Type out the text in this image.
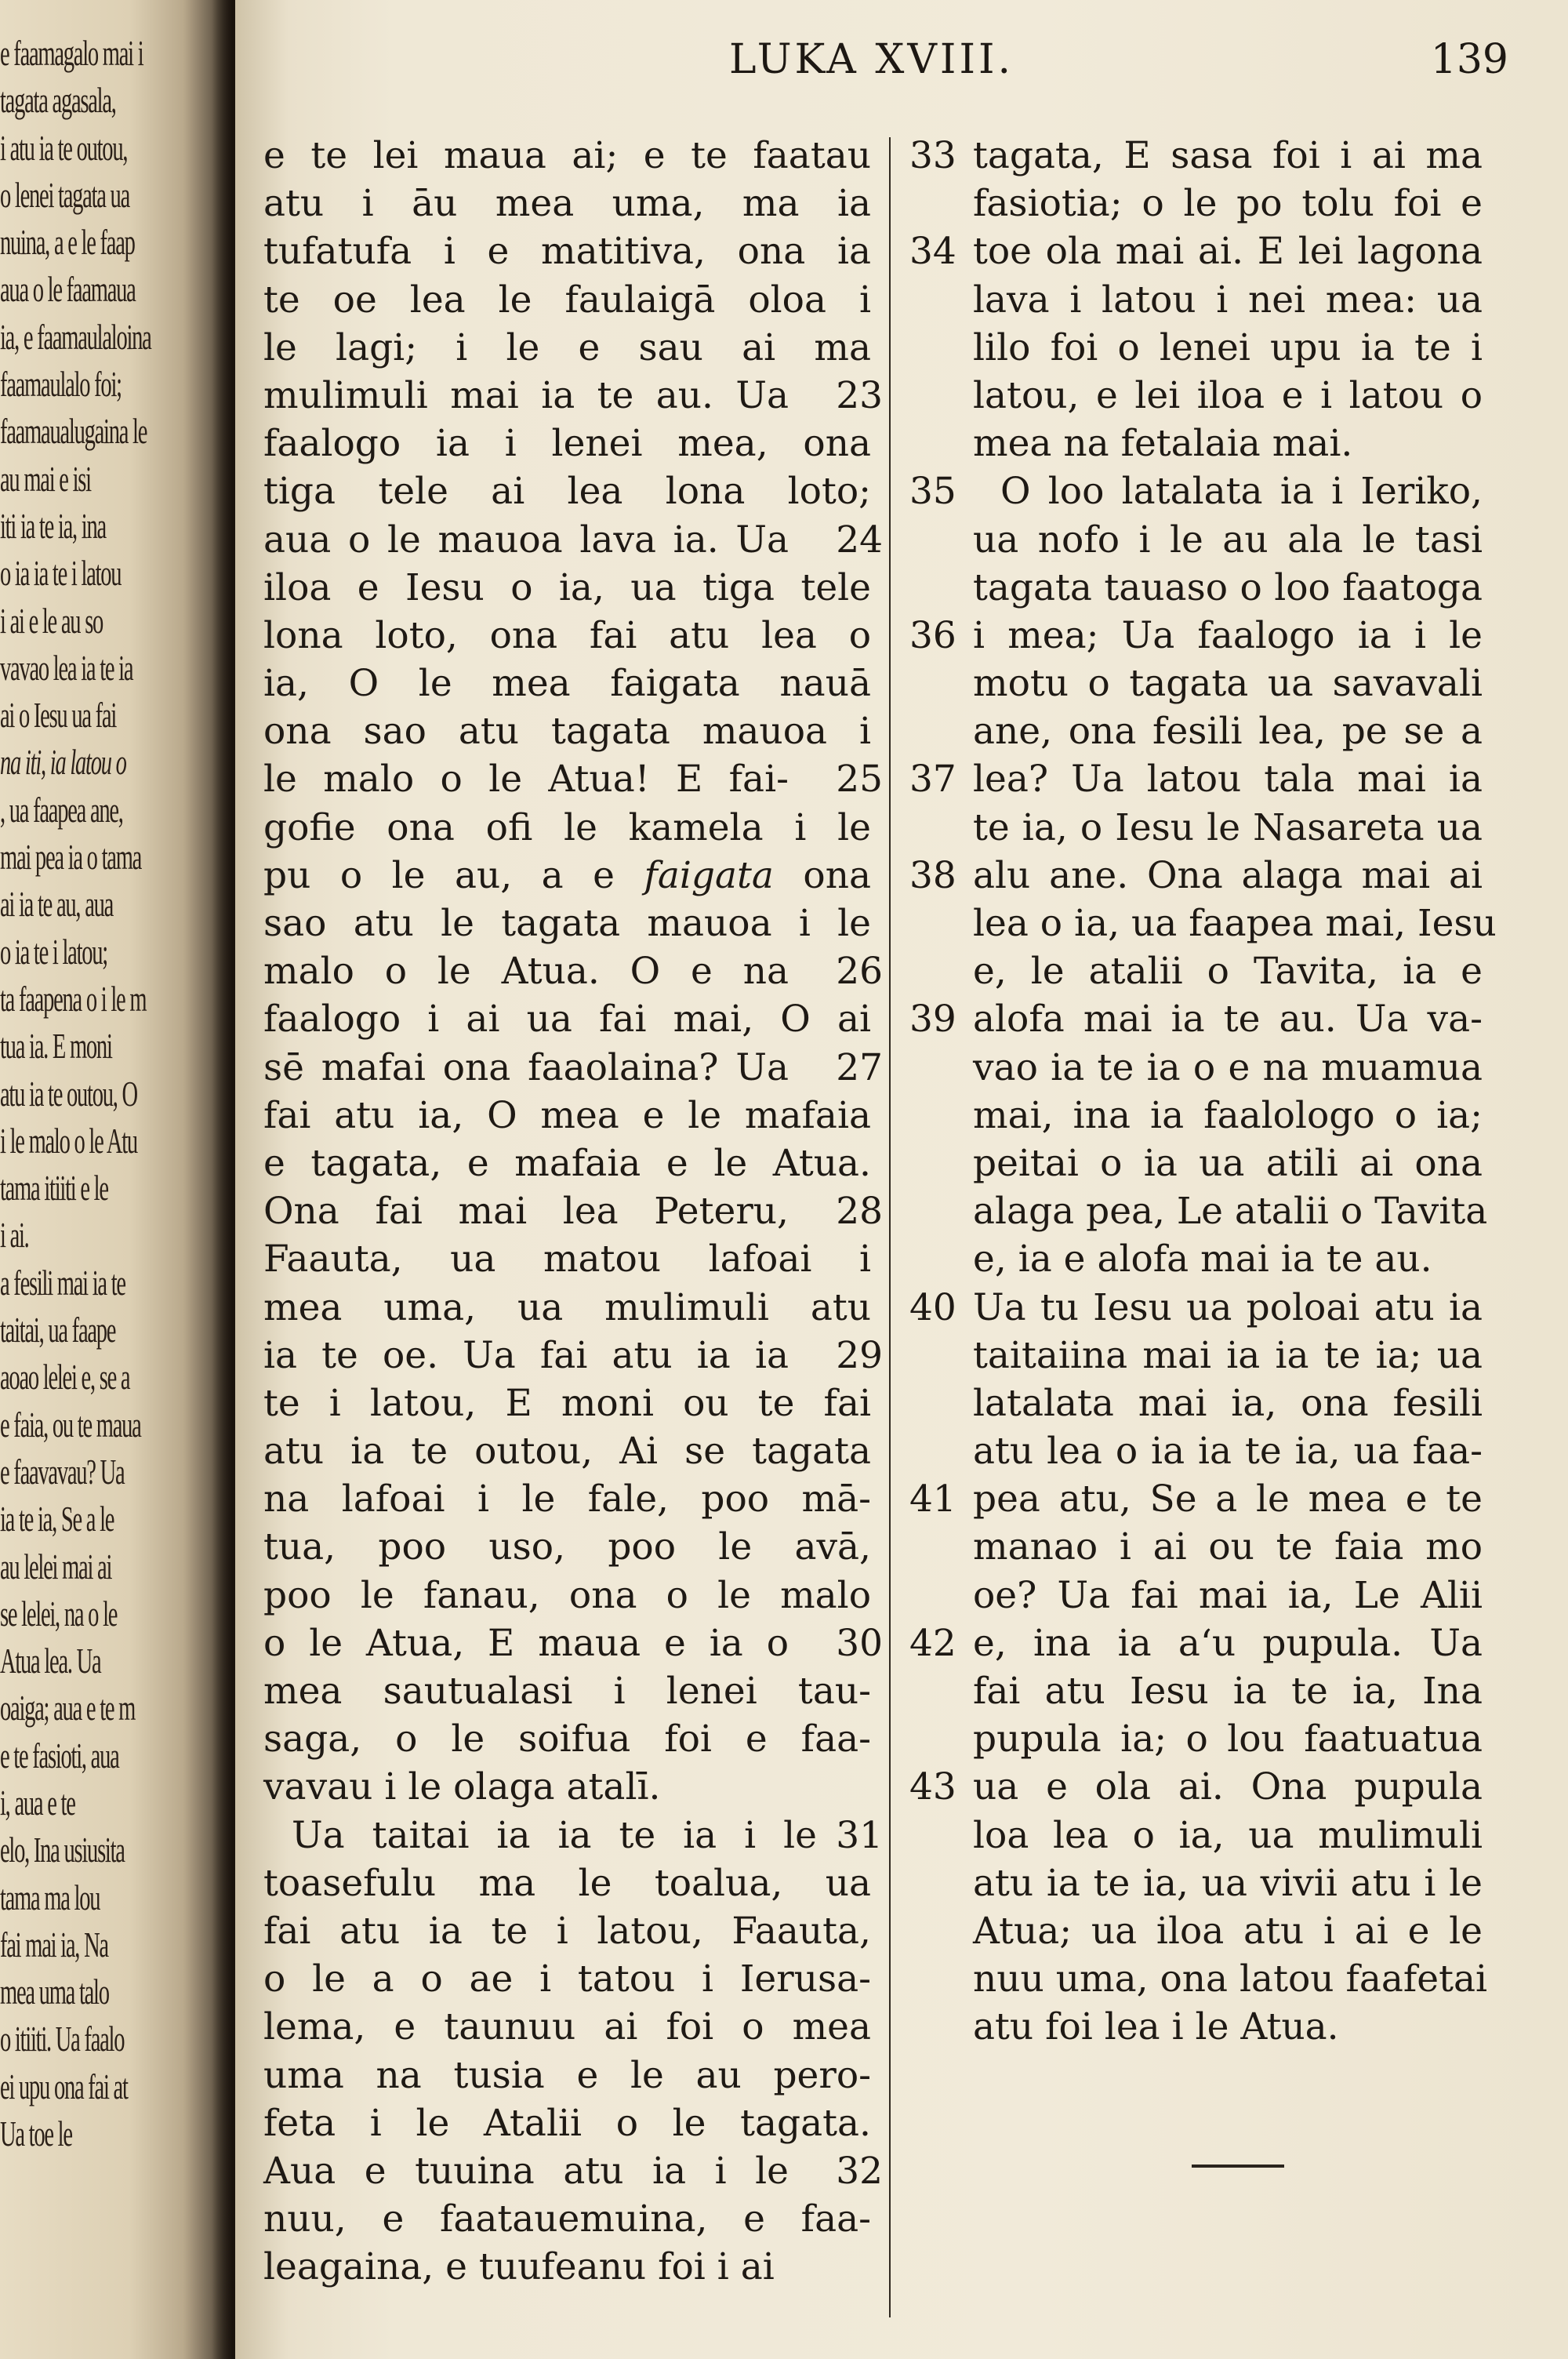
e faamagalo mai i
tagata agasala,
i atu ia te outou,
o lenei tagata ua
nuina, a e le faap
aua o le faamaua
ia, e faamaulaloina
faamaulalo foi;
faamaualugaina le
au mai e isi
iti ia te ia, ina
o ia ia te i latou
i ai e le au so
vavao lea ia te ia
ai o Iesu ua fai
na iti, ia latou o
, ua faapea ane,
mai pea ia o tama
ai ia te au, aua
o ia te i latou;
ta faapena o i le m
tua ia. E moni
atu ia te outou, O
i le malo o le Atu
tama itiiti e le
i ai.
a fesili mai ia te
taitai, ua faape
aoao lelei e, se a
e faia, ou te maua
e faavavau? Ua
ia te ia, Se a le
au lelei mai ai
se lelei, na o le
Atua lea. Ua
oaiga; aua e te m
e te fasioti, aua
i, aua e te
elo, Ina usiusita
tama ma lou
fai mai ia, Na
mea uma talo
o itiiti. Ua faalo
ei upu ona fai at
Ua toe le
LUKA XVIII.	139
e te lei maua ai; e te faatau
atu i āu mea uma, ma ia
tufatufa i e matitiva, ona ia
te oe lea le faulaigā oloa i
le lagi; i le e sau ai ma
mulimuli mai ia te au. Ua 23
faalogo ia i lenei mea, ona
tiga tele ai lea lona loto;
aua o le mauoa lava ia. Ua 24
iloa e Iesu o ia, ua tiga tele
lona loto, ona fai atu lea o
ia, O le mea faigata nauā
ona sao atu tagata mauoa i
le malo o le Atua! E fai- 25
gofie ona ofi le kamela i le
pu o le au, a e faigata ona
sao atu le tagata mauoa i le
malo o le Atua. O e na 26
faalogo i ai ua fai mai, O ai
sē mafai ona faaolaina? Ua 27
fai atu ia, O mea e le mafaia
e tagata, e mafaia e le Atua.
Ona fai mai lea Peteru, 28
Faauta, ua matou lafoai i
mea uma, ua mulimuli atu
ia te oe. Ua fai atu ia ia 29
te i latou, E moni ou te fai
atu ia te outou, Ai se tagata
na lafoai i le fale, poo mā-
tua, poo uso, poo le avā,
poo le fanau, ona o le malo
o le Atua, E maua e ia o 30
mea sautualasi i lenei tau-
saga, o le soifua foi e faa-
vavau i le olaga atalī.
Ua taitai ia ia te ia i le 31
toasefulu ma le toalua, ua
fai atu ia te i latou, Faauta,
o le a o ae i tatou i Ierusa-
lema, e taunuu ai foi o mea
uma na tusia e le au pero-
feta i le Atalii o le tagata.
Aua e tuuina atu ia i le 32
nuu, e faatauemuina, e faa-
leagaina, e tuufeanu foi i ai
33 tagata, E sasa foi i ai ma
fasiotia; o le po tolu foi e
34 toe ola mai ai. E lei lagona
lava i latou i nei mea: ua
lilo foi o lenei upu ia te i
latou, e lei iloa e i latou o
mea na fetalaia mai.
35 O loo latalata ia i Ieriko,
ua nofo i le au ala le tasi
tagata tauaso o loo faatoga
36 i mea; Ua faalogo ia i le
motu o tagata ua savavali
ane, ona fesili lea, pe se a
37 lea? Ua latou tala mai ia
te ia, o Iesu le Nasareta ua
38 alu ane. Ona alaga mai ai
lea o ia, ua faapea mai, Iesu
e, le atalii o Tavita, ia e
39 alofa mai ia te au. Ua va-
vao ia te ia o e na muamua
mai, ina ia faalologo o ia;
peitai o ia ua atili ai ona
alaga pea, Le atalii o Tavita
e, ia e alofa mai ia te au.
40 Ua tu Iesu ua poloai atu ia
taitaiina mai ia ia te ia; ua
latalata mai ia, ona fesili
atu lea o ia ia te ia, ua faa-
41 pea atu, Se a le mea e te
manao i ai ou te faia mo
oe? Ua fai mai ia, Le Alii
42 e, ina ia aʻu pupula. Ua
fai atu Iesu ia te ia, Ina
pupula ia; o lou faatuatua
43 ua e ola ai. Ona pupula
loa lea o ia, ua mulimuli
atu ia te ia, ua vivii atu i le
Atua; ua iloa atu i ai e le
nuu uma, ona latou faafetai
atu foi lea i le Atua.
